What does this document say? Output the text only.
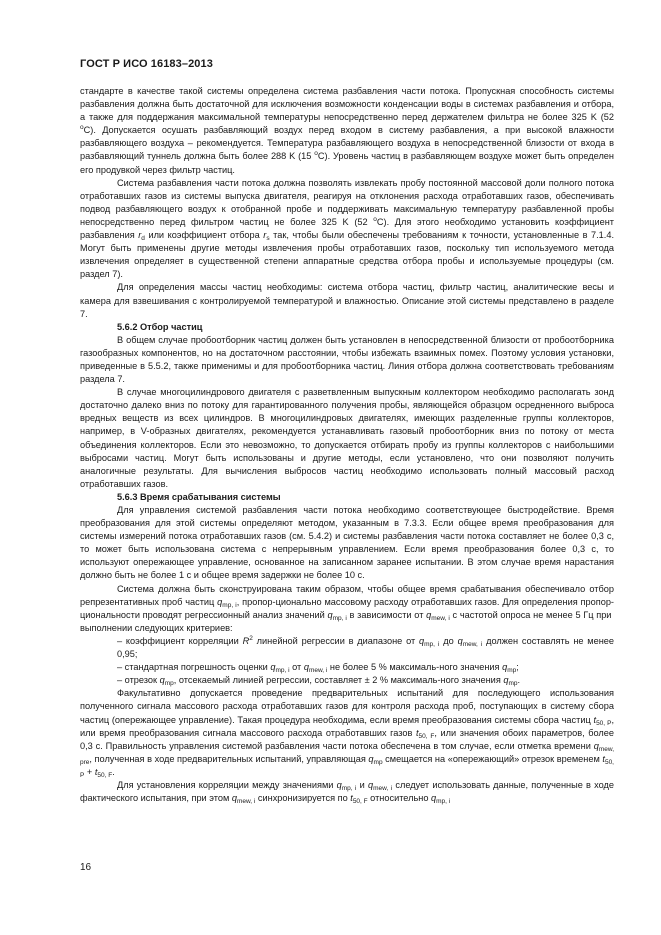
ГОСТ Р ИСО 16183–2013

стандарте в качестве такой системы определена система разбавления части потока. Пропускная способность системы разбавления должна быть достаточной для исключения возможности конденсации воды в системах разбавления и отбора, а также для поддержания максимальной температуры непосредственно перед держателем фильтра не более 325 K (52 $^o$C). Допускается осушать разбавляющий воздух перед входом в систему разбавления, а при высокой влажности разбавляющего воздуха – рекомендуется. Температура разбавляющего воздуха в непосредственной близости от входа в разбавляющий туннель должна быть более 288 K (15 $^o$C). Уровень частиц в разбавляющем воздухе может быть определен его продувкой через фильтр частиц.

Система разбавления части потока должна позволять извлекать пробу постоянной массовой доли полного потока отработавших газов из системы выпуска двигателя, реагируя на отклонения расхода отработавших газов, обеспечивать подвод разбавляющего воздух к отобранной пробе и поддерживать максимальную температуру разбавленной пробы непосредственно перед фильтром частиц не более 325 K (52 $^o$C). Для этого необходимо установить коэффициент разбавления $r_d$ или коэффициент отбора $r_s$ так, чтобы были обеспечены требованиям к точности, установленные в 7.1.4. Могут быть применены другие методы извлечения пробы отработавших газов, поскольку тип используемого метода извлечения определяет в существенной степени аппаратные средства отбора пробы и используемые процедуры (см. раздел 7).

Для определения массы частиц необходимы: система отбора частиц, фильтр частиц, аналитические весы и камера для взвешивания с контролируемой температурой и влажностью. Описание этой системы представлено в разделе 7.

5.6.2 Отбор частиц

В общем случае пробоотборник частиц должен быть установлен в непосредственной близости от пробоотборника газообразных компонентов, но на достаточном расстоянии, чтобы избежать взаимных помех. Поэтому условия установки, приведенные в 5.5.2, также применимы и для пробоотборника частиц. Линия отбора должна соответствовать требованиям раздела 7.

В случае многоцилиндрового двигателя с разветвленным выпускным коллектором необходимо располагать зонд достаточно далеко вниз по потоку для гарантированного получения пробы, являющейся образцом осредненного выброса вредных веществ из всех цилиндров. В многоцилиндровых двигателях, имеющих разделенные группы коллекторов, например, в V-образных двигателях, рекомендуется устанавливать газовый пробоотборник вниз по потоку от места объединения коллекторов. Если это невозможно, то допускается отбирать пробу из группы коллекторов с наибольшими выбросами частиц. Могут быть использованы и другие методы, если установлено, что они позволяют получить аналогичные результаты. Для вычисления выбросов частиц необходимо использовать полный массовый расход отработавших газов.

5.6.3 Время срабатывания системы

Для управления системой разбавления части потока необходимо соответствующее быстродействие. Время преобразования для этой системы определяют методом, указанным в 7.3.3. Если общее время преобразования для системы измерений потока отработавших газов (см. 5.4.2) и системы разбавления части потока составляет не более 0,3 с, то может быть использована система с непрерывным управлением. Если время преобразования более 0,3 с, то используют опережающее управление, основанное на записанном заранее испытании. В этом случае время нарастания должно быть не более 1 с и общее время задержки не более 10 с.

Система должна быть сконструирована таким образом, чтобы общее время срабатывания обеспечивало отбор репрезентативных проб частиц $q_{mp, i}$, пропор-ционально массовому расходу отработавших газов. Для определения пропор-циональности проводят регрессионный анализ значений $q_{mp, i}$ в зависимости от $q_{mew, i}$ с частотой опроса не менее 5 Гц при  выполнении следующих критериев:

– коэффициент корреляции $R^2$ линейной регрессии в диапазоне от $q_{mp, i}$ до $q_{mew, i}$ должен составлять не менее 0,95;

– стандартная погрешность оценки $q_{mp, i}$ от $q_{mew, i}$ не более 5 % максималь-ного значения $q_{mp}$;

– отрезок $q_{mp}$, отсекаемый линией регрессии, составляет ± 2 % максималь-ного значения $q_{mp}$.

Факультативно допускается проведение предварительных испытаний для последующего использования полученного сигнала массового расхода отработавших газов для контроля расхода проб, поступающих в систему сбора частиц (опережающее управление). Такая процедура необходима, если время преобразования системы сбора частиц $t_{50, P}$, или время преобразования сигнала массового расхода отработавших газов $t_{50, F}$, или значения обоих параметров, более 0,3 с. Правильность управления системой разбавления части потока обеспечена в том случае, если отметка времени $q_{mew, pre}$, полученная в ходе предварительных испытаний, управляющая $q_{mp}$ смещается на «опережающий» отрезок временем $t_{50, P} + t_{50, F}$.

Для установления корреляции между значениями $q_{mp, i}$ и $q_{mew, i}$ следует использовать данные, полученные в ходе фактического испытания, при этом $q_{mew, i}$ синхронизируется по $t_{50, F}$ относительно $q_{mp, i}$

16
